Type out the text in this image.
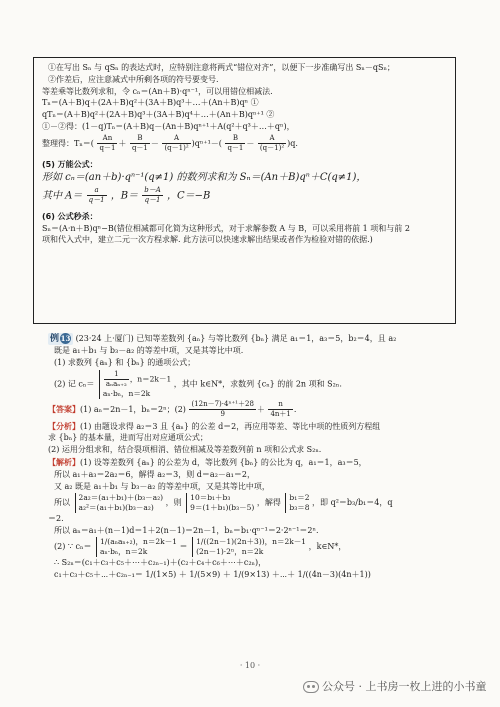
①在写出 Sₙ 与 qSₙ 的表达式时，应特别注意将两式“错位对齐”，以便下一步准确写出 Sₙ－qSₙ；
②作差后，应注意减式中所剩各项的符号要变号.
等差乘等比数列求和，令 cₙ＝(An＋B)·qⁿ⁻¹，可以用错位相减法.
Tₙ＝(A＋B)q＋(2A＋B)q²＋(3A＋B)q³＋…＋(An＋B)qⁿ ①
qTₙ＝(A＋B)q²＋(2A＋B)q³＋(3A＋B)q⁴＋…＋(An＋B)qⁿ⁺¹ ②
①－②得：(1－q)Tₙ＝(A＋B)q－(An＋B)qⁿ⁺¹＋A(q²＋q³＋…＋qⁿ)，
整理得：$T_n=( \frac{An}{q-1} + \frac{B}{q-1} - \frac{A}{\text{(q－1)²}} )q^{n+1}-( \frac{B}{q-1} - \frac{A}{\text{(q－1)²}} )q$.
(5) 万能公式：
形如 cₙ＝(an＋b)·qⁿ⁻¹(q≠1) 的数列求和为 Sₙ＝(An＋B)qⁿ＋C(q≠1)，
其中 $A= \frac{a}{q-1}$ ，$B= \frac{b-A}{q-1}$ ，C＝−B
(6) 公式秒杀：
Sₙ＝(A·n＋B)qⁿ−B(错位相减都可化简为这种形式，对于求解参数 A 与 B，可以采用将前 1 项和与前 2
项和代入式中，建立二元一次方程求解. 此方法可以快速求解出结果或者作为检验对错的依据.)
例 13 (23·24 上·厦门) 已知等差数列 {aₙ} 与等比数列 {bₙ} 满足 a₁＝1，a₃＝5，b₂＝4，且 a₂
既是 a₁＋b₁ 与 b₃－a₂ 的等差中项，又是其等比中项.
(1) 求数列 {aₙ} 和 {bₙ} 的通项公式；
(2) 记 $c_n= \frac{1}{\text{aₙaₙ₊₂}}$ ，n＝2k－1
aₙ·bₙ，n＝2k
，其中 k∈N*，求数列 {cₙ} 的前 2n 项和 S₂ₙ.
【答案】(1) aₙ＝2n－1，bₙ＝2ⁿ；$(2) \frac{\text{(12n－7)·4ⁿ⁺¹＋28}}{9} + \frac{n}{4n+1}$ .
【分析】(1) 由题设求得 a₂＝3 且 {aₙ} 的公差 d＝2，再应用等差、等比中项的性质列方程组
求 {bₙ} 的基本量，进而写出对应通项公式；
(2) 运用分组求和，结合裂项相消、错位相减及等差数列前 n 项和公式求 S₂ₙ.
【解析】(1) 设等差数列 {aₙ} 的公差为 d，等比数列 {bₙ} 的公比为 q，a₁＝1，a₃＝5，
所以 a₁＋a₃＝2a₂＝6，解得 a₂＝3，则 d＝a₂－a₁＝2，
又 a₂ 既是 a₁＋b₁ 与 b₃－a₂ 的等差中项，又是其等比中项，
所以
2a₂＝(a₁＋b₁)＋(b₃－a₂)
a₂²＝(a₁＋b₁)(b₃－a₂)
，则
10＝b₁＋b₃
9＝(1＋b₁)(b₃－5)
，解得
b₁＝2
b₃＝8
，即 q²＝b₃/b₁＝4，q
＝2.
所以 aₙ＝a₁＋(n－1)d＝1＋2(n－1)＝2n－1，bₙ＝b₁·qⁿ⁻¹＝2·2ⁿ⁻¹＝2ⁿ.
(2) ∵ cₙ＝
1/(aₙaₙ₊₂)，n＝2k－1
aₙ·bₙ，n＝2k
＝
1/((2n－1)(2n＋3))，n＝2k－1
(2n－1)·2ⁿ，n＝2k
，k∈N*，
∴ S₂ₙ＝(c₁＋c₃＋c₅＋⋯＋c₂ₙ₋₁)＋(c₂＋c₄＋c₆＋⋯＋c₂ₙ)，
c₁＋c₃＋c₅＋⋯＋c₂ₙ₋₁＝ 1/(1×5) ＋ 1/(5×9) ＋ 1/(9×13) ＋⋯＋ 1/((4n－3)(4n＋1))
· 10 ·
公众号 · 上书房一枚上进的小书童
